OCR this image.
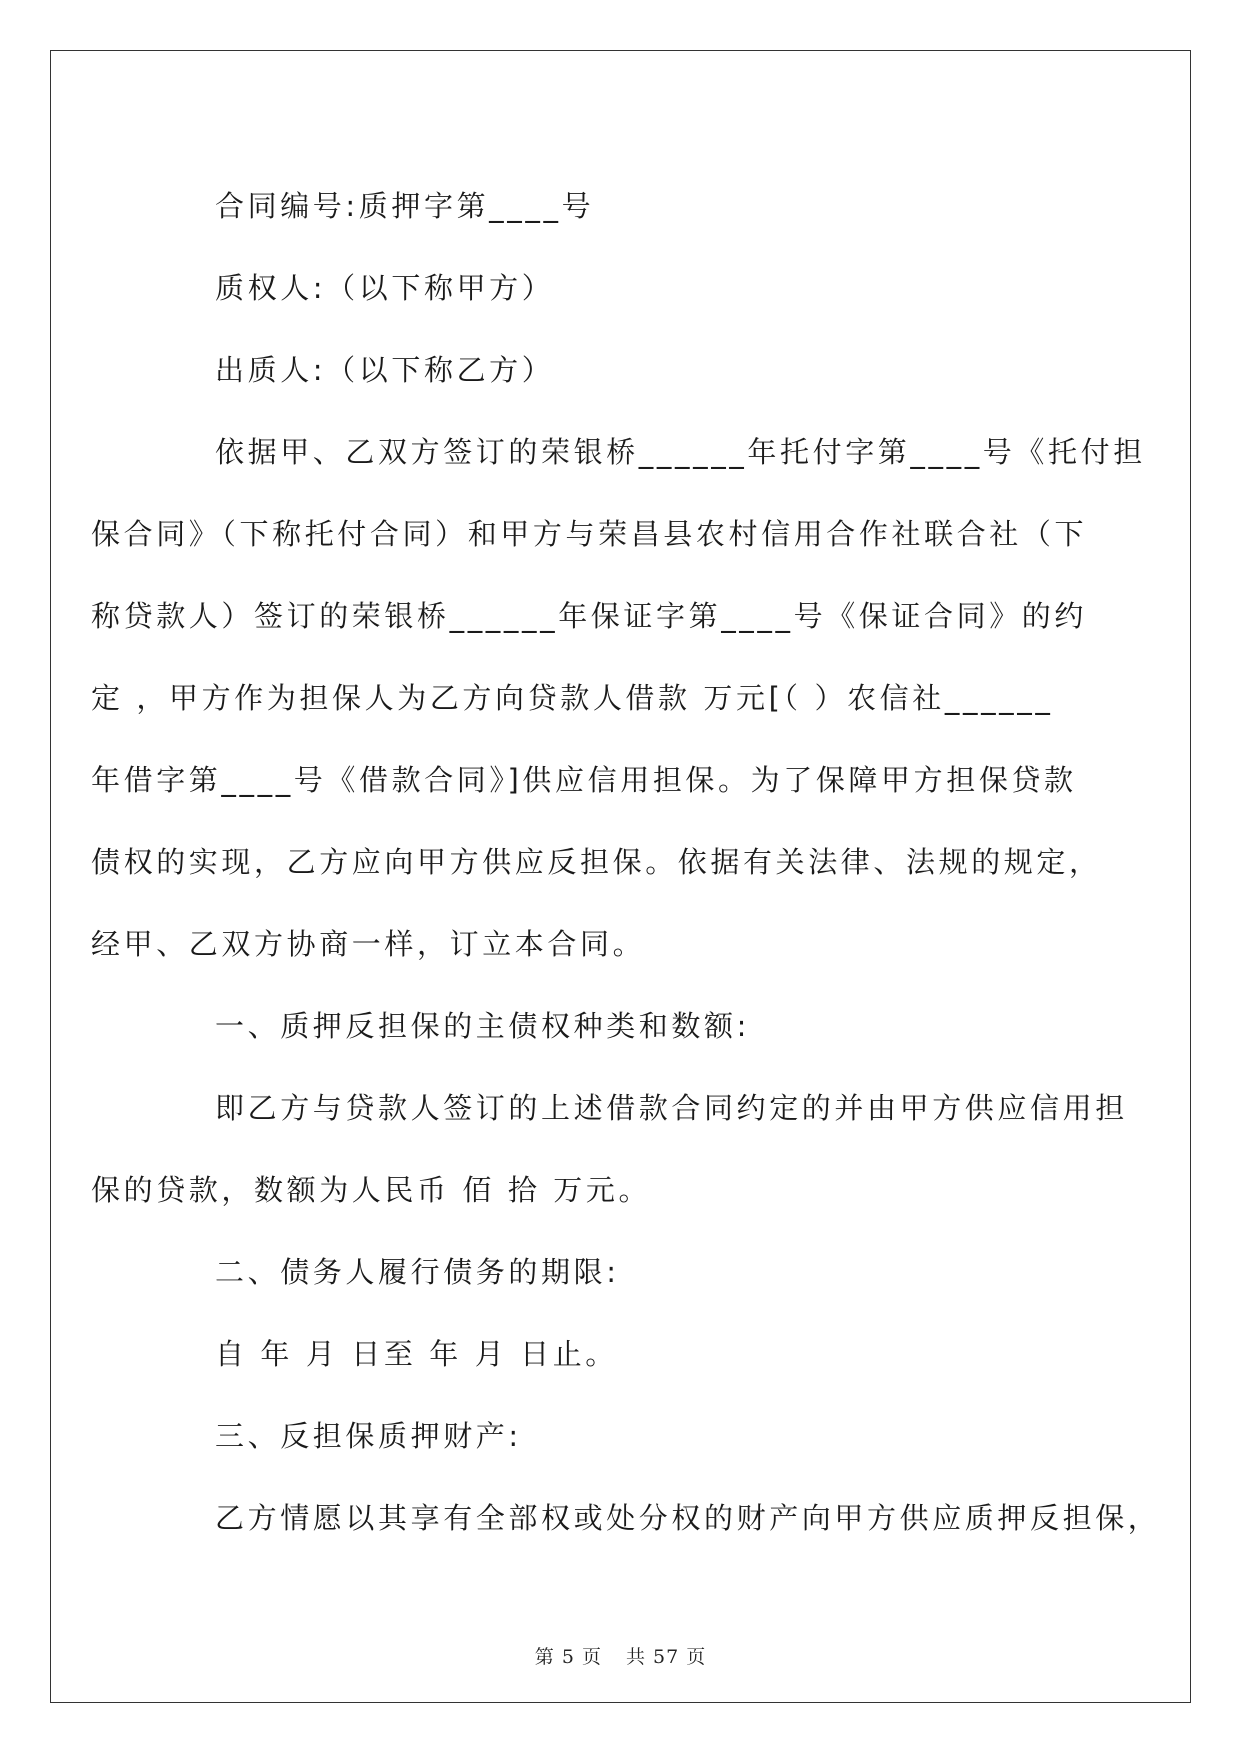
合同编号:质押字第____号

质权人:（以下称甲方）

出质人:（以下称乙方）

依据甲、乙双方签订的荣银桥______年托付字第____号《托付担
保合同》（下称托付合同）和甲方与荣昌县农村信用合作社联合社（下
称贷款人）签订的荣银桥______年保证字第____号《保证合同》的约
定 ，甲方作为担保人为乙方向贷款人借款 万元[（ ）农信社______
年借字第____号《借款合同》]供应信用担保。为了保障甲方担保贷款
债权的实现，乙方应向甲方供应反担保。依据有关法律、法规的规定，
经甲、乙双方协商一样，订立本合同。

一、质押反担保的主债权种类和数额:

即乙方与贷款人签订的上述借款合同约定的并由甲方供应信用担
保的贷款，数额为人民币 佰 拾 万元。

二、债务人履行债务的期限:

自 年 月 日至 年 月 日止。

三、反担保质押财产:

乙方情愿以其享有全部权或处分权的财产向甲方供应质押反担保，

第 5 页 共 57 页
